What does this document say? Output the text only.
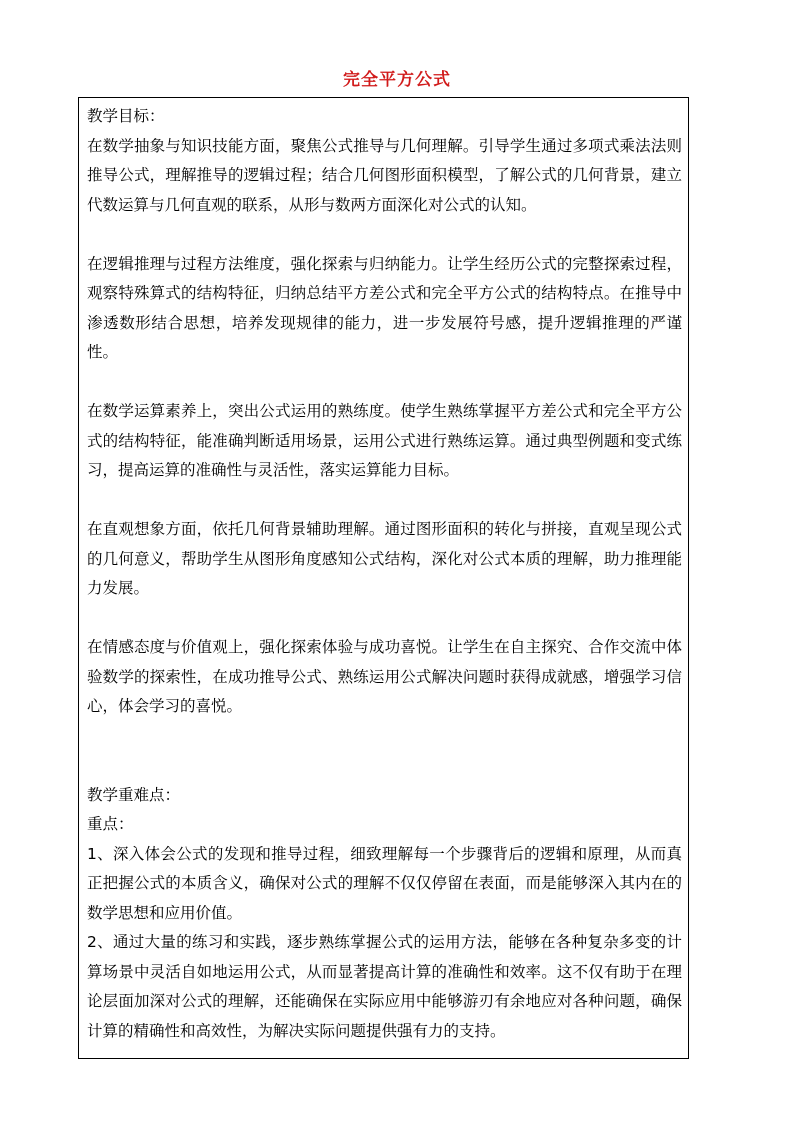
完全平方公式

教学目标：

在数学抽象与知识技能方面，聚焦公式推导与几何理解。引导学生通过多项式乘法法则推导公式，理解推导的逻辑过程；结合几何图形面积模型，了解公式的几何背景，建立代数运算与几何直观的联系，从形与数两方面深化对公式的认知。

在逻辑推理与过程方法维度，强化探索与归纳能力。让学生经历公式的完整探索过程，观察特殊算式的结构特征，归纳总结平方差公式和完全平方公式的结构特点。在推导中渗透数形结合思想，培养发现规律的能力，进一步发展符号感，提升逻辑推理的严谨性。

在数学运算素养上，突出公式运用的熟练度。使学生熟练掌握平方差公式和完全平方公式的结构特征，能准确判断适用场景，运用公式进行熟练运算。通过典型例题和变式练习，提高运算的准确性与灵活性，落实运算能力目标。

在直观想象方面，依托几何背景辅助理解。通过图形面积的转化与拼接，直观呈现公式的几何意义，帮助学生从图形角度感知公式结构，深化对公式本质的理解，助力推理能力发展。

在情感态度与价值观上，强化探索体验与成功喜悦。让学生在自主探究、合作交流中体验数学的探索性，在成功推导公式、熟练运用公式解决问题时获得成就感，增强学习信心，体会学习的喜悦。

教学重难点：

重点：

1、深入体会公式的发现和推导过程，细致理解每一个步骤背后的逻辑和原理，从而真正把握公式的本质含义，确保对公式的理解不仅仅停留在表面，而是能够深入其内在的数学思想和应用价值。

2、通过大量的练习和实践，逐步熟练掌握公式的运用方法，能够在各种复杂多变的计算场景中灵活自如地运用公式，从而显著提高计算的准确性和效率。这不仅有助于在理论层面加深对公式的理解，还能确保在实际应用中能够游刃有余地应对各种问题，确保计算的精确性和高效性，为解决实际问题提供强有力的支持。
